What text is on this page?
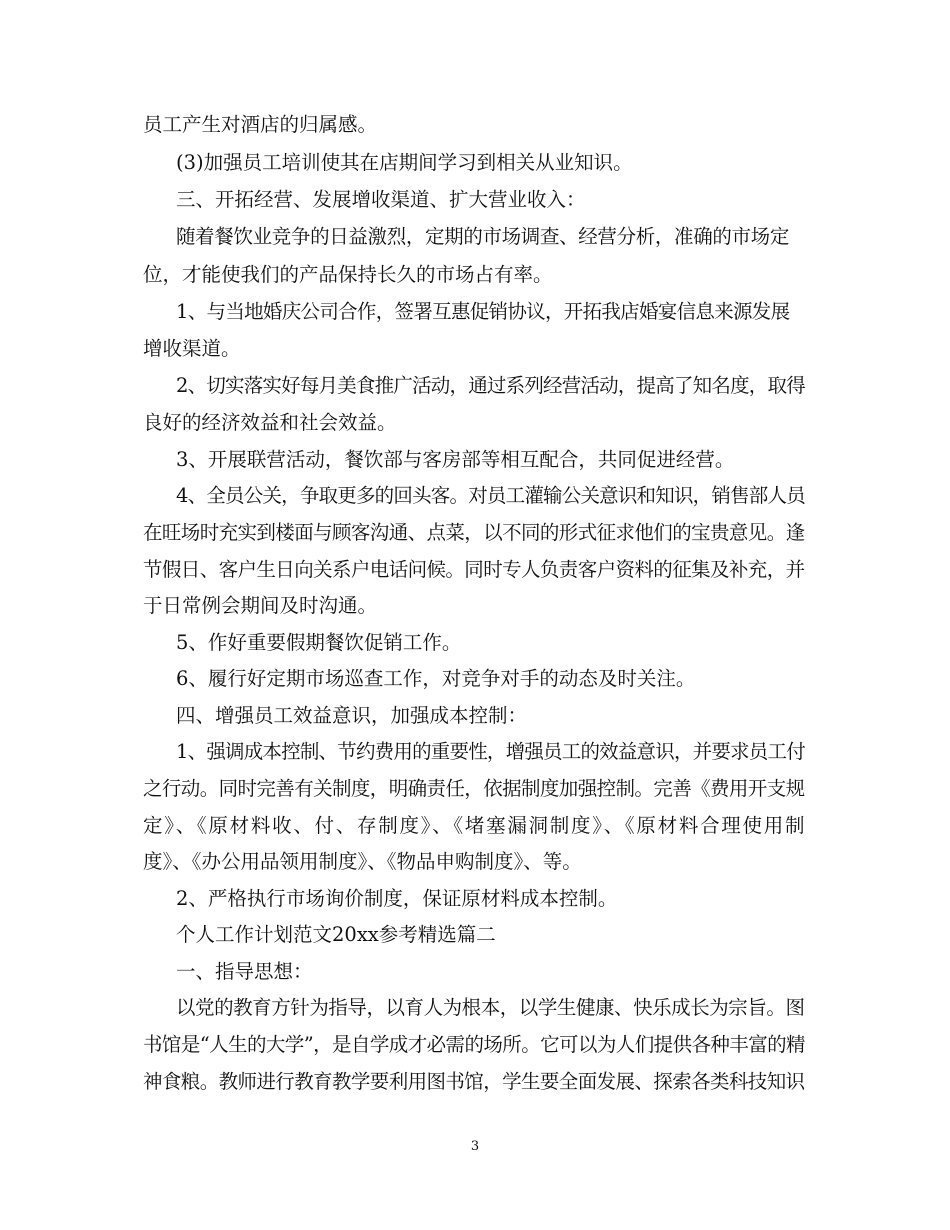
员工产生对酒店的归属感。
(3)加强员工培训使其在店期间学习到相关从业知识。
三、开拓经营、发展增收渠道、扩大营业收入：
随着餐饮业竞争的日益激烈，定期的市场调查、经营分析，准确的市场定
位，才能使我们的产品保持长久的市场占有率。
1、与当地婚庆公司合作，签署互惠促销协议，开拓我店婚宴信息来源发展
增收渠道。
2、切实落实好每月美食推广活动，通过系列经营活动，提高了知名度，取得
良好的经济效益和社会效益。
3、开展联营活动，餐饮部与客房部等相互配合，共同促进经营。
4、全员公关，争取更多的回头客。对员工灌输公关意识和知识，销售部人员
在旺场时充实到楼面与顾客沟通、点菜，以不同的形式征求他们的宝贵意见。逢
节假日、客户生日向关系户电话问候。同时专人负责客户资料的征集及补充，并
于日常例会期间及时沟通。
5、作好重要假期餐饮促销工作。
6、履行好定期市场巡查工作，对竞争对手的动态及时关注。
四、增强员工效益意识，加强成本控制：
1、强调成本控制、节约费用的重要性，增强员工的效益意识，并要求员工付
之行动。同时完善有关制度，明确责任，依据制度加强控制。完善《费用开支规
定》、《原材料收、付、存制度》、《堵塞漏洞制度》、《原材料合理使用制
度》、《办公用品领用制度》、《物品申购制度》、等。
2、严格执行市场询价制度，保证原材料成本控制。
个人工作计划范文20xx参考精选篇二
一、指导思想：
以党的教育方针为指导，以育人为根本，以学生健康、快乐成长为宗旨。图
书馆是“人生的大学”，是自学成才必需的场所。它可以为人们提供各种丰富的精
神食粮。教师进行教育教学要利用图书馆，学生要全面发展、探索各类科技知识
3
